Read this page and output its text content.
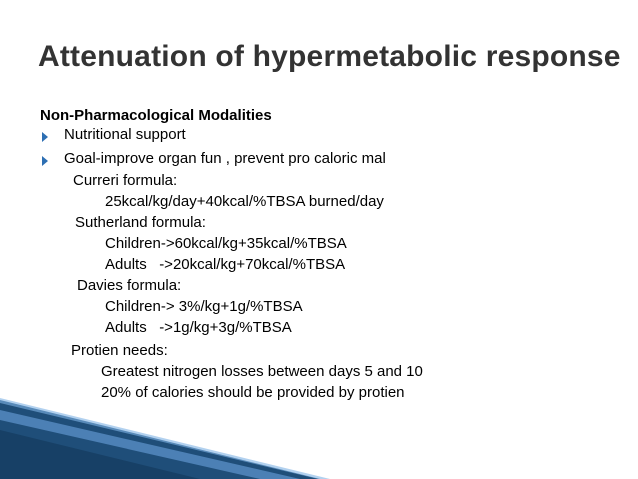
Attenuation of hypermetabolic response
Non-Pharmacological Modalities
Nutritional support
Goal-improve organ fun , prevent pro caloric mal
Curreri formula:
25kcal/kg/day+40kcal/%TBSA burned/day
Sutherland formula:
Children->60kcal/kg+35kcal/%TBSA
Adults   ->20kcal/kg+70kcal/%TBSA
Davies formula:
Children-> 3%/kg+1g/%TBSA
Adults   ->1g/kg+3g/%TBSA
Protien needs:
Greatest nitrogen losses between days 5 and 10
20% of calories should be provided by protien
